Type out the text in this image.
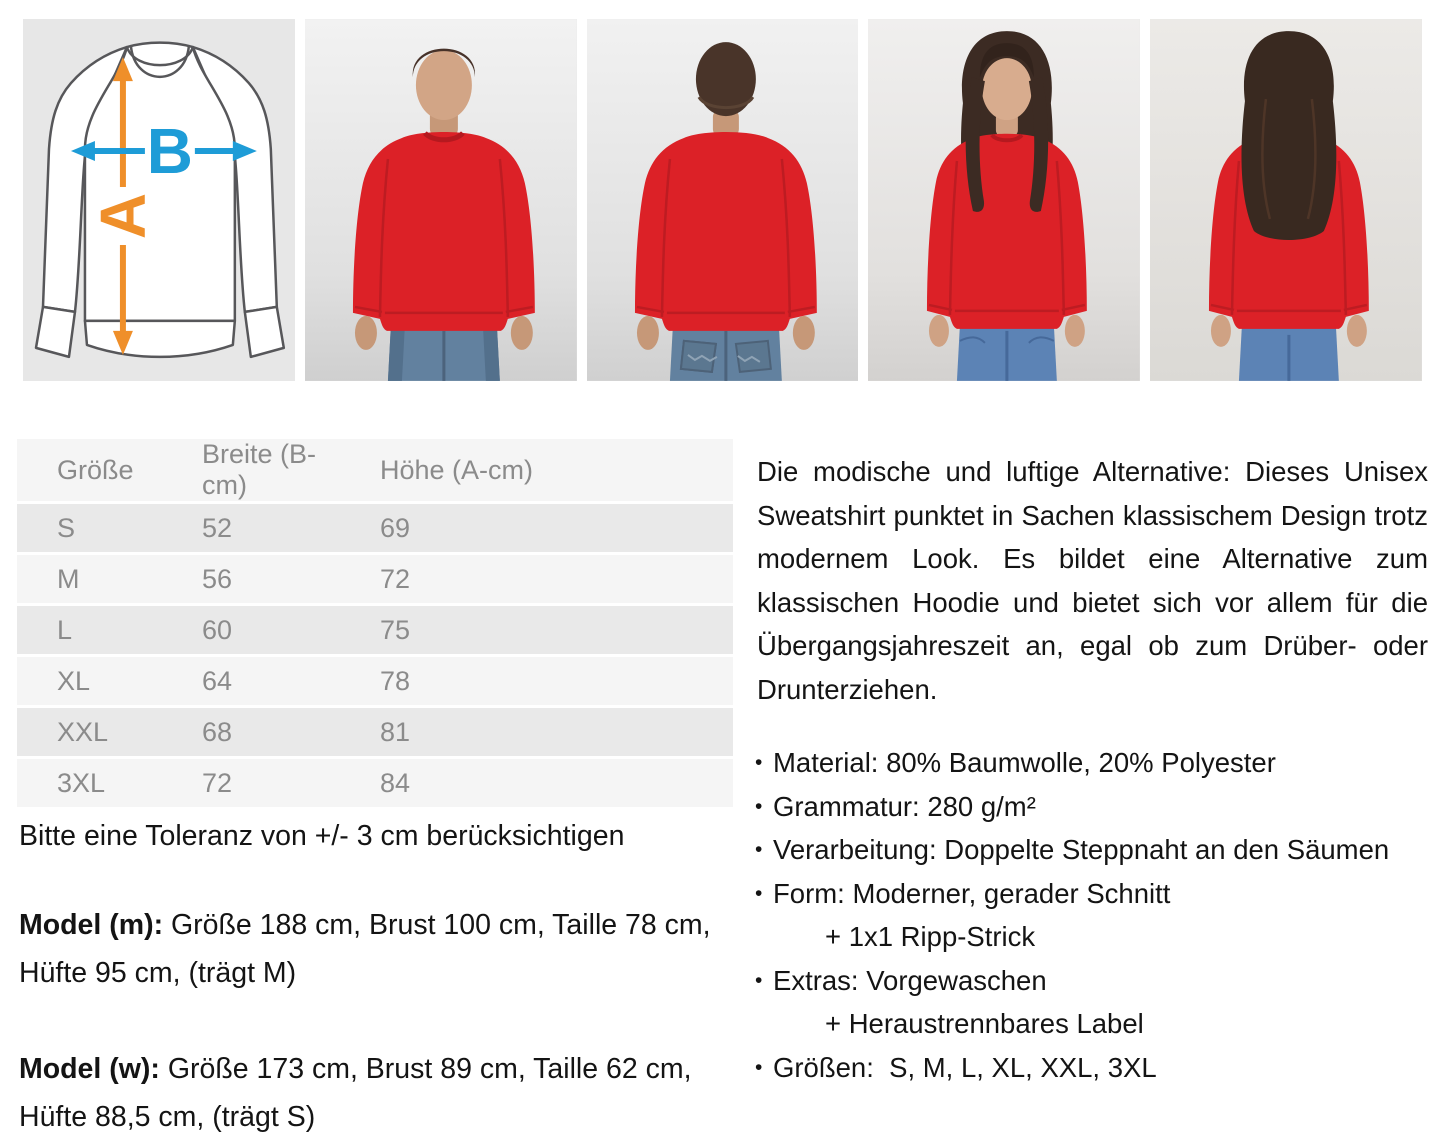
A
B
Größe	Breite (B-cm)	Höhe (A-cm)
S	52	69
M	56	72
L	60	75
XL	64	78
XXL	68	81
3XL	72	84

Bitte eine Toleranz von +/- 3 cm berücksichtigen

Model (m): Größe 188 cm, Brust 100 cm, Taille 78 cm, Hüfte 95 cm, (trägt M)

Model (w): Größe 173 cm, Brust 89 cm, Taille 62 cm, Hüfte 88,5 cm, (trägt S)

Die modische und luftige Alternative: Dieses Unisex Sweatshirt punktet in Sachen klassischem Design trotz modernem Look. Es bildet eine Alternative zum klassischen Hoodie und bietet sich vor allem für die Übergangsjahreszeit an, egal ob zum Drüber- oder Drunterziehen.

• Material: 80% Baumwolle, 20% Polyester
• Grammatur: 280 g/m²
• Verarbeitung: Doppelte Steppnaht an den Säumen
• Form: Moderner, gerader Schnitt
+ 1x1 Ripp-Strick
• Extras: Vorgewaschen
+ Heraustrennbares Label
• Größen:  S, M, L, XL, XXL, 3XL
